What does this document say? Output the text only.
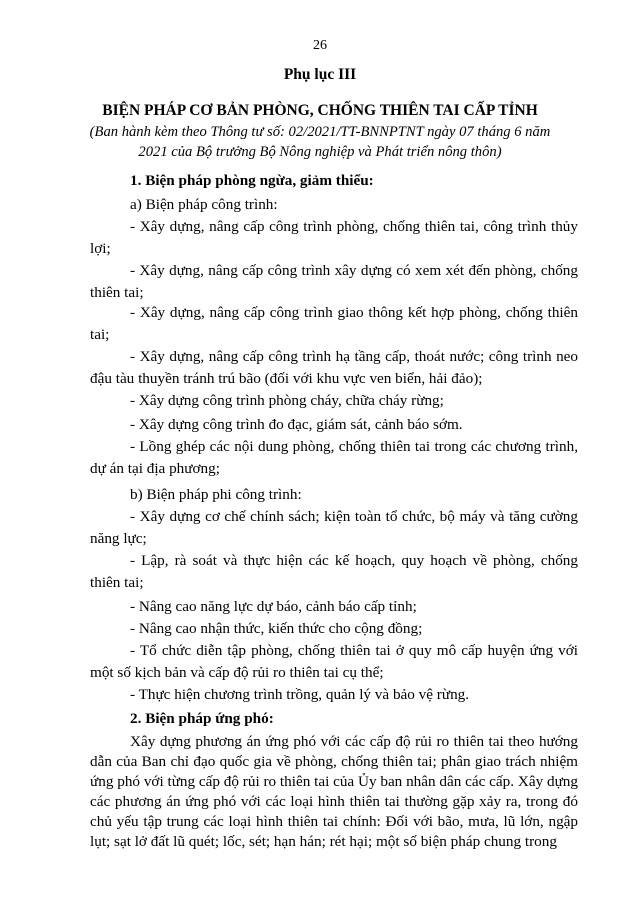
26
Phụ lục III
BIỆN PHÁP CƠ BẢN PHÒNG, CHỐNG THIÊN TAI CẤP TỈNH
(Ban hành kèm theo Thông tư số: 02/2021/TT-BNNPTNT ngày 07 tháng 6 năm 2021 của Bộ trưởng Bộ Nông nghiệp và Phát triển nông thôn)
1. Biện pháp phòng ngừa, giảm thiểu:
a) Biện pháp công trình:
- Xây dựng, nâng cấp công trình phòng, chống thiên tai, công trình thủy lợi;
- Xây dựng, nâng cấp công trình xây dựng có xem xét đến phòng, chống thiên tai;
- Xây dựng, nâng cấp công trình giao thông kết hợp phòng, chống thiên tai;
- Xây dựng, nâng cấp công trình hạ tầng cấp, thoát nước; công trình neo đậu tàu thuyền tránh trú bão (đối với khu vực ven biển, hải đảo);
- Xây dựng công trình phòng cháy, chữa cháy rừng;
- Xây dựng công trình đo đạc, giám sát, cảnh báo sớm.
- Lồng ghép các nội dung phòng, chống thiên tai trong các chương trình, dự án tại địa phương;
b) Biện pháp phi công trình:
- Xây dựng cơ chế chính sách; kiện toàn tổ chức, bộ máy và tăng cường năng lực;
- Lập, rà soát và thực hiện các kế hoạch, quy hoạch về phòng, chống thiên tai;
- Nâng cao năng lực dự báo, cảnh báo cấp tỉnh;
- Nâng cao nhận thức, kiến thức cho cộng đồng;
- Tổ chức diễn tập phòng, chống thiên tai ở quy mô cấp huyện ứng với một số kịch bản và cấp độ rủi ro thiên tai cụ thể;
- Thực hiện chương trình trồng, quản lý và bảo vệ rừng.
2. Biện pháp ứng phó:
Xây dựng phương án ứng phó với các cấp độ rủi ro thiên tai theo hướng dẫn của Ban chỉ đạo quốc gia về phòng, chống thiên tai; phân giao trách nhiệm ứng phó với từng cấp độ rủi ro thiên tai của Ủy ban nhân dân các cấp. Xây dựng các phương án ứng phó với các loại hình thiên tai thường gặp xảy ra, trong đó chủ yếu tập trung các loại hình thiên tai chính: Đối với bão, mưa, lũ lớn, ngập lụt; sạt lở đất lũ quét; lốc, sét; hạn hán; rét hại; một số biện pháp chung trong
